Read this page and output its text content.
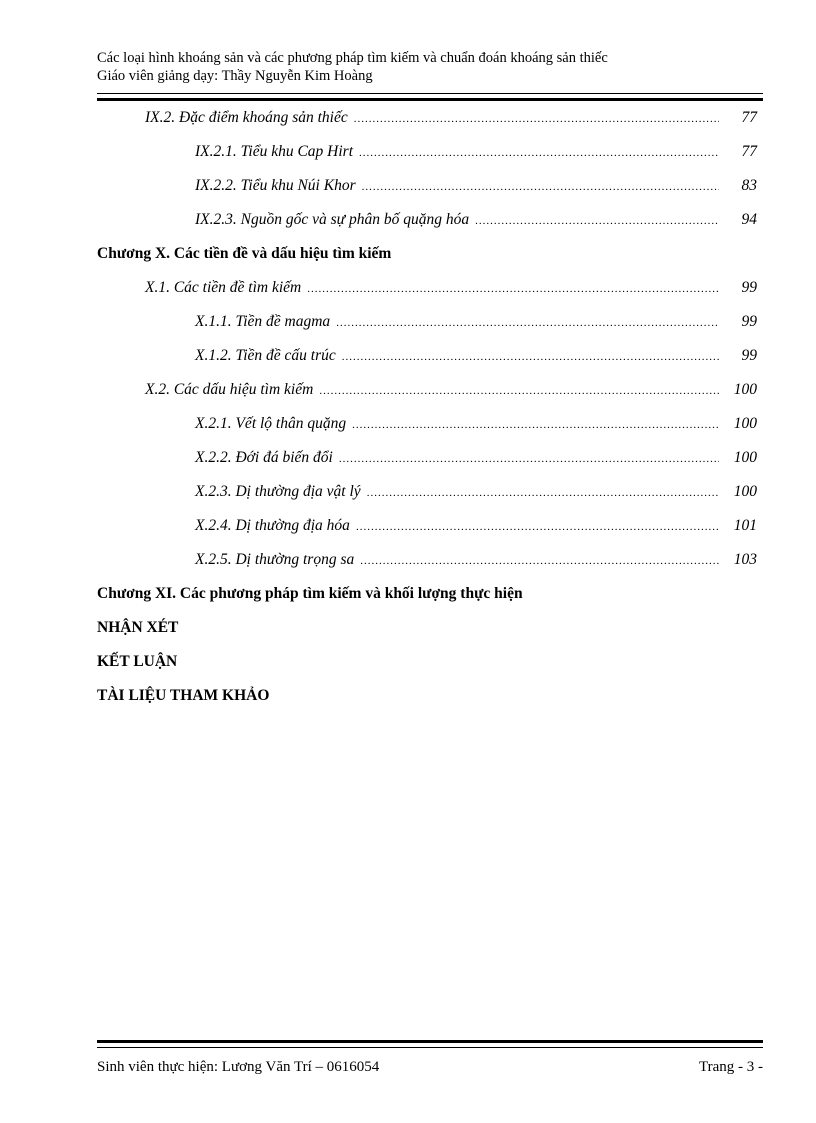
Các loại hình khoáng sản và các phương pháp tìm kiếm và chuẩn đoán khoáng sản thiếc
Giáo viên giảng dạy: Thầy Nguyễn Kim Hoàng
IX.2. Đặc điểm khoáng sản thiếc .....	77
IX.2.1. Tiểu khu Cap Hirt .....	77
IX.2.2. Tiểu khu Núi Khor .....	83
IX.2.3. Nguồn gốc và sự phân bố quặng hóa .....	94
Chương X. Các tiền đề và dấu hiệu tìm kiếm
X.1. Các tiền đề tìm kiếm .....	99
X.1.1. Tiền đề magma .....	99
X.1.2. Tiền đề cấu trúc .....	99
X.2. Các dấu hiệu tìm kiếm .....	100
X.2.1. Vết lộ thân quặng .....	100
X.2.2. Đới đá biến đổi .....	100
X.2.3. Dị thường địa vật lý .....	100
X.2.4. Dị thường địa hóa .....	101
X.2.5. Dị thường trọng sa .....	103
Chương XI. Các phương pháp tìm kiếm và khối lượng thực hiện
NHẬN XÉT
KẾT LUẬN
TÀI LIỆU THAM KHẢO
Sinh viên thực hiện: Lương Văn Trí – 0616054	Trang - 3 -
